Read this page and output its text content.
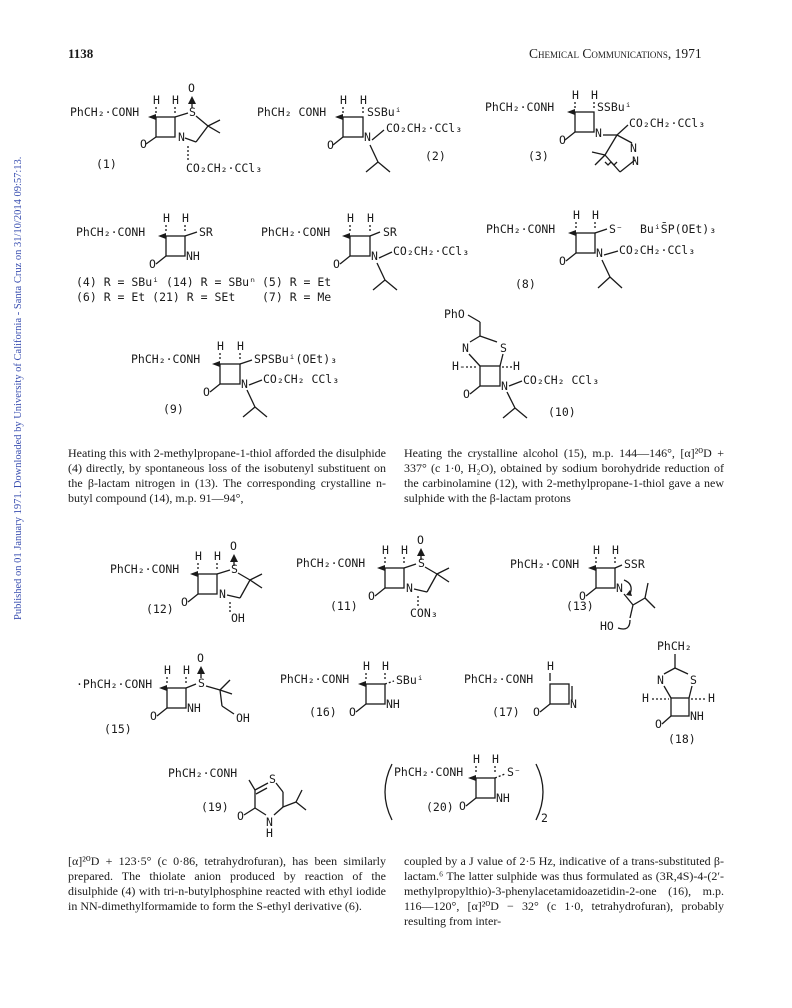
1138	Chemical Communications, 1971
Published on 01 January 1971. Downloaded by University of California - Santa Cruz on 31/10/2014 09:57:13.
PhCH₂·CONH
H H
O	N
S
O
(1)	CO₂CH₂·CCl₃
PhCH₂ CONH
H H
O
N
SSBuⁱ
CO₂CH₂·CCl₃
(2)
PhCH₂·CONH
H H
O	N
SSBuⁱ
CO₂CH₂·CCl₃
N
N
(3)
PhCH₂·CONH
H H
SR
O
NH
(4) R = SBuⁱ (14) R = SBuⁿ
(6) R = Et (21) R = SEt
PhCH₂·CONH
H H
SR
O
N CO₂CH₂·CCl₃
(5) R = Et
(7) R = Me
PhCH₂·CONH
H H
S⁻ BuⁱS̄P(OEt)₃
O
N CO₂CH₂·CCl₃
(8)
PhCH₂·CONH
H H
SPSBuⁱ(OEt)₃
O
N CO₂CH₂ CCl₃
(9)
PhO
N	S
H-	H
O
N CO₂CH₂ CCl₃
(10)
PhCH₂·CONH
H H
O
N
S
O
OH
(12)
PhCH₂·CONH
H H
O
N
S
O
CON₃
(11)
PhCH₂·CONH
H H
SSR
O
N
HO
(13)
·PhCH₂·CONH
H H
S
O
OH
O
NH
(15)
PhCH₂·CONH
H H
SBuⁱ
O
NH
(16)
PhCH₂·CONH
H
O
N
(17)
PhCH₂
N S
H	H
O
NH
(18)
PhCH₂·CONH	S
O N
H
(19)
PhCH₂·CONH
H H
S⁻
O
NH
(20)
2

Heating this with 2-methylpropane-1-thiol afforded the disulphide (4) directly, by spontaneous loss of the isobutenyl substituent on the β-lactam nitrogen in (13). The corresponding crystalline n-butyl compound (14), m.p. 91—94°,

Heating the crystalline alcohol (15), m.p. 144—146°, [α]²⁰D + 337° (c 1·0, H₂O), obtained by sodium borohydride reduction of the carbinolamine (12), with 2-methylpropane-1-thiol gave a new sulphide with the β-lactam protons

[α]²⁰D + 123·5° (c 0·86, tetrahydrofuran), has been similarly prepared. The thiolate anion produced by reaction of the disulphide (4) with tri-n-butylphosphine reacted with ethyl iodide in NN-dimethylformamide to form the S-ethyl derivative (6).

coupled by a J value of 2·5 Hz, indicative of a trans-substituted β-lactam.⁶ The latter sulphide was thus formulated as (3R,4S)-4-(2′-methylpropylthio)-3-phenylacetamidoazetidin-2-one (16), m.p. 116—120°, [α]²⁰D − 32° (c 1·0, tetrahydrofuran), probably resulting from inter-
